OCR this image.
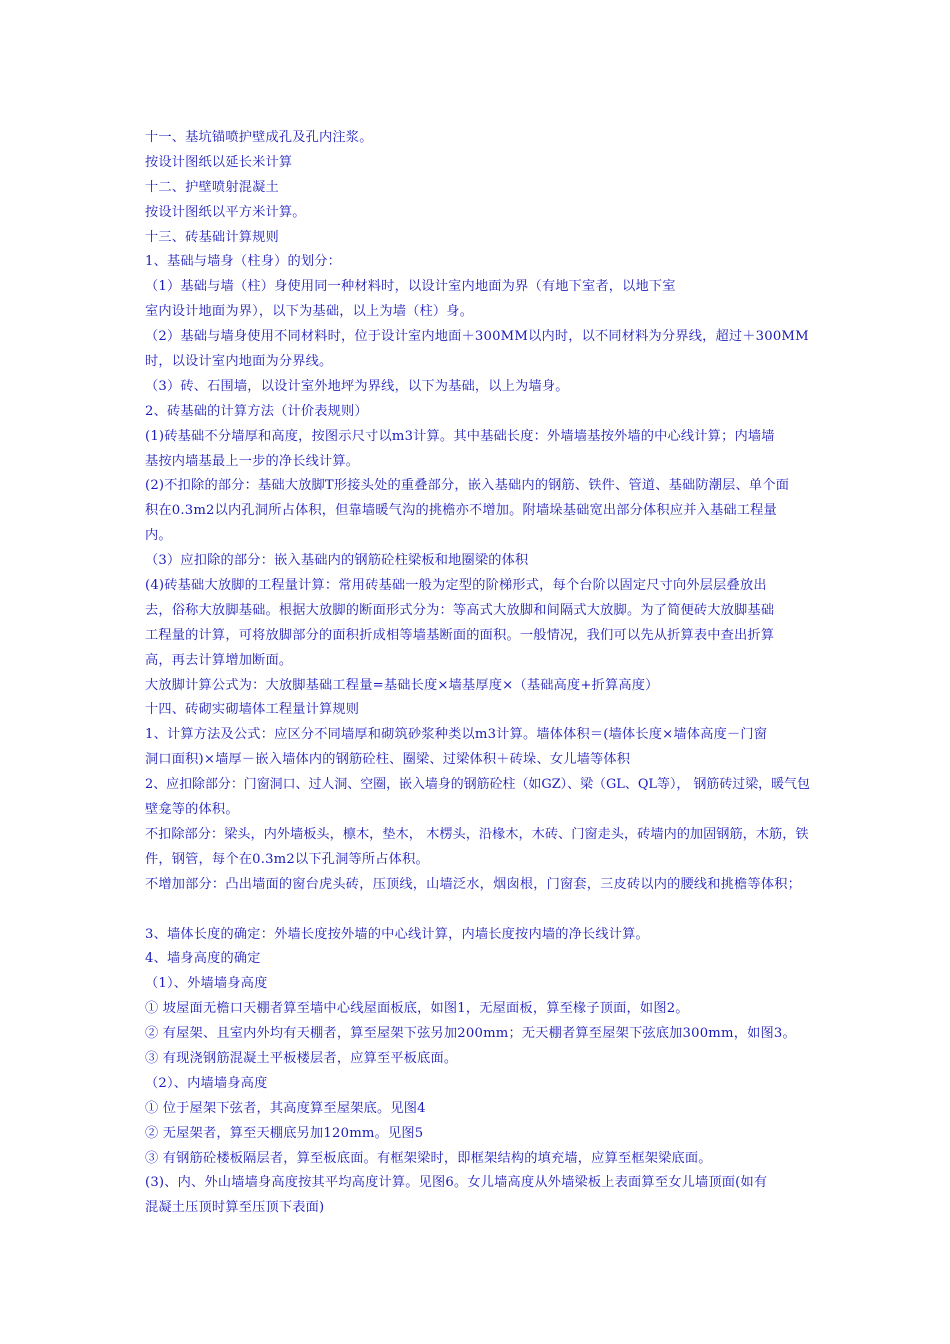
十一、基坑锚喷护壁成孔及孔内注浆。
按设计图纸以延长米计算
十二、护壁喷射混凝土
按设计图纸以平方米计算。
十三、砖基础计算规则
1、基础与墙身（柱身）的划分：
（1）基础与墙（柱）身使用同一种材料时，以设计室内地面为界（有地下室者，以地下室
室内设计地面为界），以下为基础，以上为墙（柱）身。
（2）基础与墙身使用不同材料时，位于设计室内地面＋300MM以内时，以不同材料为分界线，超过＋300MM
时，以设计室内地面为分界线。
（3）砖、石围墙，以设计室外地坪为界线，以下为基础，以上为墙身。
2、砖基础的计算方法（计价表规则）
(1)砖基础不分墙厚和高度，按图示尺寸以m3计算。其中基础长度：外墙墙基按外墙的中心线计算；内墙墙
基按内墙基最上一步的净长线计算。
(2)不扣除的部分：基础大放脚T形接头处的重叠部分，嵌入基础内的钢筋、铁件、管道、基础防潮层、单个面
积在0.3m2以内孔洞所占体积，但靠墙暖气沟的挑檐亦不增加。附墙垛基础宽出部分体积应并入基础工程量
内。
（3）应扣除的部分：嵌入基础内的钢筋砼柱梁板和地圈梁的体积
(4)砖基础大放脚的工程量计算：常用砖基础一般为定型的阶梯形式，每个台阶以固定尺寸向外层层叠放出
去，俗称大放脚基础。根据大放脚的断面形式分为：等高式大放脚和间隔式大放脚。为了简便砖大放脚基础
工程量的计算，可将放脚部分的面积折成相等墙基断面的面积。一般情况，我们可以先从折算表中查出折算
高，再去计算增加断面。
大放脚计算公式为：大放脚基础工程量=基础长度×墙基厚度×（基础高度+折算高度）
十四、砖砌实砌墙体工程量计算规则
1、计算方法及公式：应区分不同墙厚和砌筑砂浆种类以m3计算。墙体体积＝(墙体长度×墙体高度－门窗
洞口面积)×墙厚－嵌入墙体内的钢筋砼柱、圈梁、过梁体积＋砖垛、女儿墙等体积
2、应扣除部分：门窗洞口、过人洞、空圈，嵌入墙身的钢筋砼柱（如GZ）、梁（GL、QL等）， 钢筋砖过梁，暖气包
壁龛等的体积。
不扣除部分：梁头，内外墙板头，檩木，垫木， 木楞头，沿椽木，木砖、门窗走头，砖墙内的加固钢筋，木筋，铁
件，钢管，每个在0.3m2以下孔洞等所占体积。
不增加部分：凸出墙面的窗台虎头砖，压顶线，山墙泛水，烟囱根，门窗套，三皮砖以内的腰线和挑檐等体积；
3、墙体长度的确定：外墙长度按外墙的中心线计算，内墙长度按内墙的净长线计算。
4、墙身高度的确定
（1）、外墙墙身高度
① 坡屋面无檐口天棚者算至墙中心线屋面板底，如图1，无屋面板，算至椽子顶面，如图2。
② 有屋架、且室内外均有天棚者，算至屋架下弦另加200mm；无天棚者算至屋架下弦底加300mm，如图3。
③ 有现浇钢筋混凝土平板楼层者，应算至平板底面。
（2）、内墙墙身高度
① 位于屋架下弦者，其高度算至屋架底。见图4
② 无屋架者，算至天棚底另加120mm。见图5
③ 有钢筋砼楼板隔层者，算至板底面。有框架梁时，即框架结构的填充墙，应算至框架梁底面。
(3)、内、外山墙墙身高度按其平均高度计算。见图6。女儿墙高度从外墙梁板上表面算至女儿墙顶面(如有
混凝土压顶时算至压顶下表面)
